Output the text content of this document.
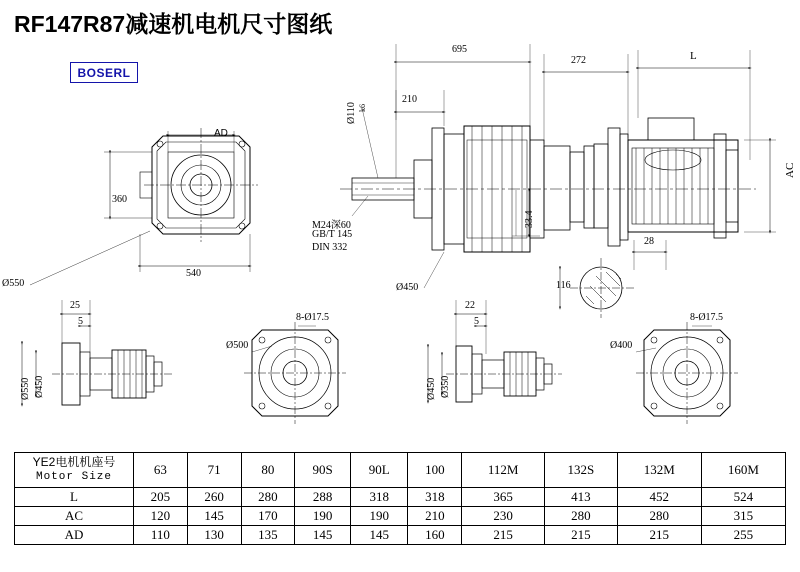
RF147R87减速机电机尺寸图纸
BOSERL
AD
360
540
Ø550
695
210
Ø110 k6
272	L
AC
M24深60
GB/T 145
DIN 332
33.4
Ø450
28
116
25
5
Ø550 Ø450
8-Ø17.5
Ø500
22
5
Ø450 Ø350
8-Ø17.5
Ø400
YE2电机机座号
Motor Size	63	71	80	90S	90L	100	112M	132S	132M	160M
L	205	260	280	288	318	318	365	413	452	524
AC	120	145	170	190	190	210	230	280	280	315
AD	110	130	135	145	145	160	215	215	215	255
